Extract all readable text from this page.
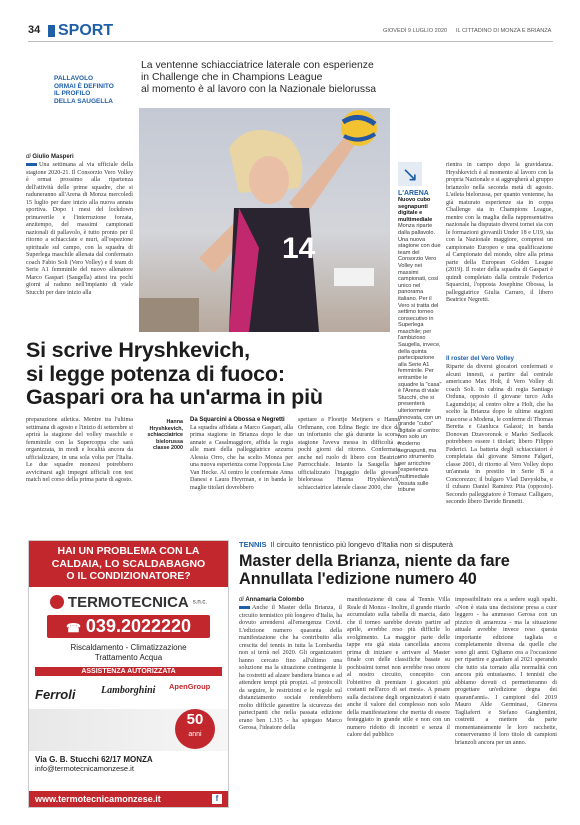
34 SPORT	GIOVEDÌ 9 LUGLIO 2020 IL CITTADINO DI MONZA E BRIANZA
PALLAVOLO
ORMAI È DEFINITO
IL PROFILO
DELLA SAUGELLA
La ventenne schiacciatrice laterale con esperienze
in Challenge che in Champions League
al momento è al lavoro con la Nazionale bielorussa
14
di Giulio Masperi
Una settimana al via ufficiale della stagione 2020-21. Il Consorzio Vero Volley è ormai prossimo alla ripartenza dell'attività delle prime squadre, che si raduneranno all'Arena di Monza mercoledì 15 luglio per dare inizio alla nuova annata sportiva. Dopo i mesi del lockdown primaverile e l'interruzione forzata, anzitempo, del massimi campionati nazionali di pallavolo, è tutto pronto per il ritorno a schiacciate e muri, all'ospezione spirituale sul campo, con la squadra di Superlega maschile allenata dal confermato coach Fabio Soli (Vero Volley) e il team di Serie A1 femminile del nuovo allenatore Marco Gaspari (Saugella) attesi tra pochi giorni al raduno nell'impianto di viale Stucchi per dare inizio alla
Si scrive Hryshkevich,
si legge potenza di fuoco:
Gaspari ora ha un'arma in più
preparazione atletica. Mentre tra l'ultima settimana di agosto e l'inizio di settembre si aprirà la stagione del volley maschile e femminile con la Supercoppa che sarà organizzata, in modi e località ancora da ufficializzare, in una sola volta per l'Italia. Le due squadre monzesi potrebbero avvicinarsi agli impegni ufficiali con test match nel corso della prima parte di agosto.
Hanna
Hryshkevich,
schiacciatrice
bielorussa
classe 2000
Da Squarcini a Obossa e Negretti
La squadra affidata a Marco Gaspari, alla prima stagione in Brianza dopo le due annate a Casalmaggiore, affida la regia alle mani della palleggiatrice azzurra Alessia Orro, che ha scelto Monza per una nuova esperienza come l'opposta Lise Van Hecke. Al centro le confermate Anna Danesi e Laura Heyrman, e in banda le maglie titolari dovrebbero
spettare a Floortje Meijners e Hanna Orthmann, con Edina Begic tre dice da un infortunio che già durante la scorsa stagione l'aveva messa in difficoltà a pochi giorni dal ritorno. Confermata anche nel ruolo di libero con Beatrice Parrocchiale. Intanto la Saugella ha ufficializzato l'ingaggio della giovane bielorussa Hanna Hryshkevich, schiacciatrice laterale classe 2000, che
↘
L'ARENA
Nuovo cubo segnapunti digitale e multimediale
Monza riparte dalla pallavolo. Una nuova stagione con due team del Consorzio Vero Volley nei massimi campionati, così unico nel panorama italiano. Per il Vero si tratta del settimo torneo consecutivo in Superlega maschile; per l'ambizioso Saugella, invece, della quinta partecipazione alla Serie A1 femminile. Per entrambe le squadre la "casa" è l'Arena di viale Stucchi, che si presenterà ulteriormente rinnovata, con un grande "cubo" digitale al centro: non solo un moderno segnapunti, ma uno strumento per arricchire l'esperienza multimediale vissuta sulle tribune
rientra in campo dopo la gravidanza. Hryshkevich è al momento al lavoro con la propria Nazionale e si aggregherà al gruppo brianzolo nella seconda metà di agosto. L'atleta bielorussa, per quanto ventenne, ha già maturato esperienze sia in coppa Challenge sia in Champions League, mentre con la maglia della rappresentativa nazionale ha disputato diversi tornei sia con le formazioni giovanili Under 18 e U19, sia con la Nazionale maggiore, compresi un campionato Europeo e una qualificazione al Campionato del mondo, oltre alla prima parte della European Golden League (2019). Il roster della squadra di Gaspari è quindi completato dalla centrale Federica Squarcini, l'opposta Josephine Obossa, la palleggiatrice Giulia Carraro, il libero Beatrice Negretti.
Il roster del Vero Volley
Riparte da diversi giocatori confermati e alcuni innesti, a partire dal centrale americano Max Holt, il Vero Volley di coach Soli. In cabina di regia Santiago Orduna, opposto il giovane turco Adis Lagumdzija; al centro oltre a Holt, che ha scelto la Brianza dopo le ultime stagioni trascorse a Modena, le conferme di Thomas Beretta e Gianluca Galassi; in banda Donovan Dzavoronok e Marko Sedlacek potrebbero essere i titolari; libero Filippo Federici. La batteria degli schiacciatori è completata dal giovane Simone Falgari, classe 2001, di ritorno al Vero Volley dopo un'annata in prestito in Serie B a Concorezzo; il bulgaro Vlad Davyskiba, e il cubano Daniel Ramirez Pita (opposto). Secondo palleggiatore è Tomasz Calligaro, secondo libero Davide Brunetti.
HAI UN PROBLEMA CON LA
CALDAIA, LO SCALDABAGNO
O IL CONDIZIONATORE?
TERMOTECNICA s.n.c.
☎ 039.2022220
Riscaldamento - Climatizzazione
Trattamento Acqua
ASSISTENZA AUTORIZZATA
Ferroli	Lamborghini ApenGroup
50
anni
Via G. B. Stucchi 62/17 MONZA
info@termotecnicamonzese.it
www.termotecnicamonzese.it	f
TENNIS Il circuito tennistico più longevo d'Italia non si disputerà
Master della Brianza, niente da fare
Annullata l'edizione numero 40
di Annamaria Colombo
Anche il Master della Brianza, il circuito tennistico più longevo d'Italia, ha dovuto arrendersi all'emergenza Covid. L'edizione numero quaranta della manifestazione che ha contribuito alla crescita del tennis in tutta la Lombardia non si terrà nel 2020. Gli organizzatori hanno cercato fino all'ultimo una soluzione ma la situazione contingente li ha costretti ad alzare bandiera bianca e ad attendere tempi più propizi. «I protocolli da seguire, le restrizioni e le regole sul distanziamento sociale renderebbero molto difficile garantire la sicurezza dei partecipanti che nella passata edizione erano ben 1.315 - ha spiegato Marco Gerosa, l'ideatore della
manifestazione di casa al Tennis Villa Reale di Monza - Inoltre, il grande ritardo accumulato sulla tabella di marcia, dato che il torneo sarebbe dovuto partire ad aprile, avrebbe reso più difficile lo svolgimento. La maggior parte delle tappe era già stata cancellata ancora prima di iniziare e arrivare al Master finale con delle classifiche basate su pochissimi tornei non avrebbe reso onore al nostro circuito, concepito con l'obiettivo di premiare i giocatori più costanti nell'arco di sei mesi». A pesare sulla decisione degli organizzatori è stato anche il valore del complesso non solo della manifestazione che merita di essere festeggiato in grande stile e non con un numero ridotto di incontri e senza il calore del pubblico
impossibilitato ora a sedere sugli spalti. «Non è stata una decisione presa a cuor leggero - ha ammesso Gerosa con un pizzico di amarezza - ma la situazione attuale avrebbe invece reso questa importante edizione tagliata e completamente diversa da quelle che sono gli anni. Ogliamo ora a l'occasione per ripartire e guardare al 2021 sperando che tutto sia tornato alla normalità con ancora più entusiasmo. I tennisti che abbiamo dovuti ci permetteranno di progettare un'edizione degna dei quarant'anni». I campioni del 2019 Mauro Alde Germinasi, Ginevra Tagliaferri e Stefano Ganghentini, costretti a mettere da parte momentaneamente le loro racchette, conserveranno il loro titolo di campioni brianzoli ancora per un anno.
